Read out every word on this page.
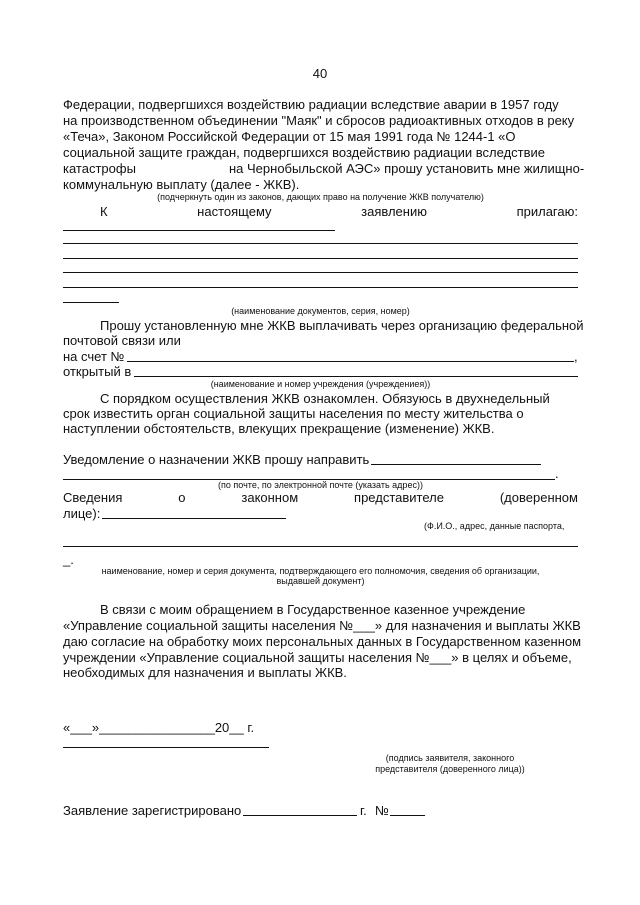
40
Федерации, подвергшихся воздействию радиации вследствие аварии в 1957 году
на производственном объединении "Маяк" и сбросов радиоактивных отходов в реку
«Теча», Законом Российской Федерации от 15 мая 1991 года № 1244-1 «О
социальной защите граждан, подвергшихся воздействию радиации вследствие
катастрофы	на Чернобыльской АЭС» прошу установить мне жилищно-
коммунальную выплату (далее - ЖКВ).
(подчеркнуть один из законов, дающих право на получение ЖКВ получателю)
К	настоящему	заявлению	прилагаю:
(наименование документов, серия, номер)
Прошу установленную мне ЖКВ выплачивать через организацию федеральной
почтовой связи или
на счет №	,
открытый в
(наименование и номер учреждения (учреждениея))
С порядком осуществления ЖКВ ознакомлен. Обязуюсь в двухнедельный
срок известить орган социальной защиты населения по месту жительства о
наступлении обстоятельств, влекущих прекращение (изменение) ЖКВ.
Уведомление о назначении ЖКВ прошу направить
.
(по почте, по электронной почте (указать адрес))
Сведения	о	законном	представителе	(доверенном
лице):
(Ф.И.О., адрес, данные паспорта,
_.
наименование, номер и серия документа, подтверждающего его полномочия, сведения об организации,
выдавшей документ)
В связи с моим обращением в Государственное казенное учреждение
«Управление социальной защиты населения №___» для назначения и выплаты ЖКВ
даю согласие на обработку моих персональных данных в Государственном казенном
учреждении «Управление социальной защиты населения №___» в целях и объеме,
необходимых для назначения и выплаты ЖКВ.
«___»________________20__ г.
(подпись заявителя, законного
представителя (доверенного лица))
Заявление зарегистрировано	г. №
